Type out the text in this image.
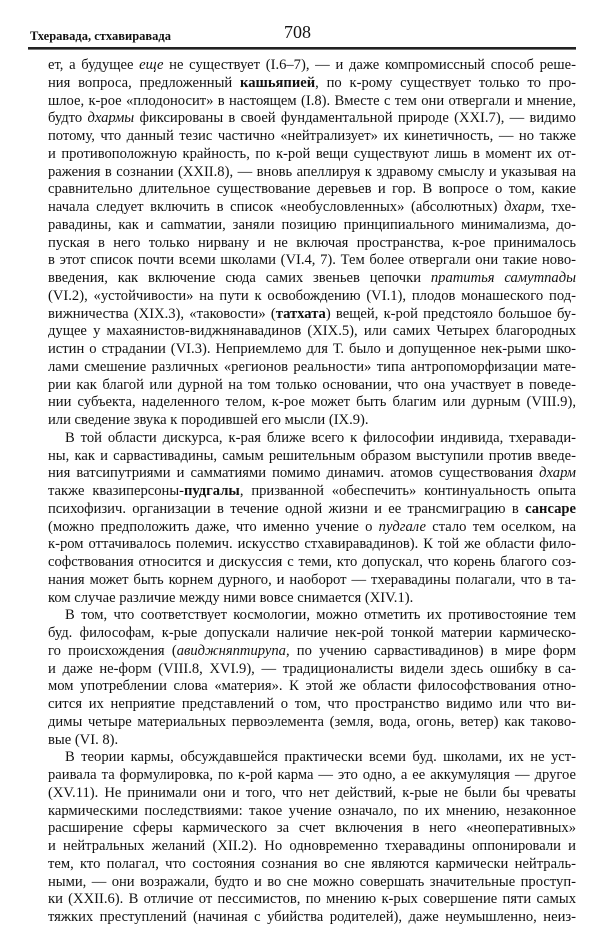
Тхеравада, стхавиравада	708
ет, а будущее еще не существует (I.6–7), — и даже компромиссный способ реше-
ния вопроса, предложенный кашьяпией, по к-рому существует только то про-
шлое, к-рое «плодоносит» в настоящем (I.8). Вместе с тем они отвергали и мнение,
будто дхармы фиксированы в своей фундаментальной природе (XXI.7), — видимо
потому, что данный тезис частично «нейтрализует» их кинетичность, — но также
и противоположную крайность, по к-рой вещи существуют лишь в момент их от-
ражения в сознании (XXII.8), — вновь апеллируя к здравому смыслу и указывая на
сравнительно длительное существование деревьев и гор. В вопросе о том, какие
начала следует включить в список «необусловленных» (абсолютных) дхарм, тхе-
равадины, как и сamматии, заняли позицию принципиального минимализма, до-
пуская в него только нирвану и не включая пространства, к-рое принималось
в этот список почти всеми школами (VI.4, 7). Тем более отвергали они такие ново-
введения, как включение сюда самих звеньев цепочки пратитья самутпады
(VI.2), «устойчивости» на пути к освобождению (VI.1), плодов монашеского под-
вижничества (XIX.3), «таковости» (татхата) вещей, к-рой предстояло большое бу-
дущее у махаянистов-виджнянавадинов (XIX.5), или самих Четырех благородных
истин о страдании (VI.3). Неприемлемо для Т. было и допущенное нек-рыми шко-
лами смешение различных «регионов реальности» типа антропоморфизации мате-
рии как благой или дурной на том только основании, что она участвует в поведе-
нии субъекта, наделенного телом, к-рое может быть благим или дурным (VIII.9),
или сведение звука к породившей его мысли (IX.9).
В той области дискурса, к-рая ближе всего к философии индивида, тхеравади-
ны, как и сарвастивадины, самым решительным образом выступили против введе-
ния ватсипутриями и самматиями помимо динамич. атомов существования дхарм
также квазиперсоны-пудгалы, призванной «обеспечить» континуальность опыта
психофизич. организации в течение одной жизни и ее трансмиграцию в сансаре
(можно предположить даже, что именно учение о пудгале стало тем оселком, на
к-ром оттачивалось полемич. искусство стхавиравадинов). К той же области фило-
софствования относится и дискуссия с теми, кто допускал, что корень благого соз-
нания может быть корнем дурного, и наоборот — тхеравадины полагали, что в та-
ком случае различие между ними вовсе снимается (XIV.1).
В том, что соответствует космологии, можно отметить их противостояние тем
буд. философам, к-рые допускали наличие нек-рой тонкой материи кармическо-
го происхождения (авиджняптирупа, по учению сарвастивадинов) в мире форм
и даже не-форм (VIII.8, XVI.9), — традиционалисты видели здесь ошибку в са-
мом употреблении слова «материя». К этой же области философствования отно-
сится их неприятие представлений о том, что пространство видимо или что ви-
димы четыре материальных первоэлемента (земля, вода, огонь, ветер) как таково-
вые (VI. 8).
В теории кармы, обсуждавшейся практически всеми буд. школами, их не уст-
раивала та формулировка, по к-рой карма — это одно, а ее аккумуляция — другое
(XV.11). Не принимали они и того, что нет действий, к-рые не были бы чреваты
кармическими последствиями: такое учение означало, по их мнению, незаконное
расширение сферы кармического за счет включения в него «неоперативных»
и нейтральных желаний (XII.2). Но одновременно тхеравадины оппонировали и
тем, кто полагал, что состояния сознания во сне являются кармически нейтраль-
ными, — они возражали, будто и во сне можно совершать значительные проступ-
ки (XXII.6). В отличие от пессимистов, по мнению к-рых совершение пяти самых
тяжких преступлений (начиная с убийства родителей), даже неумышленно, неиз-
